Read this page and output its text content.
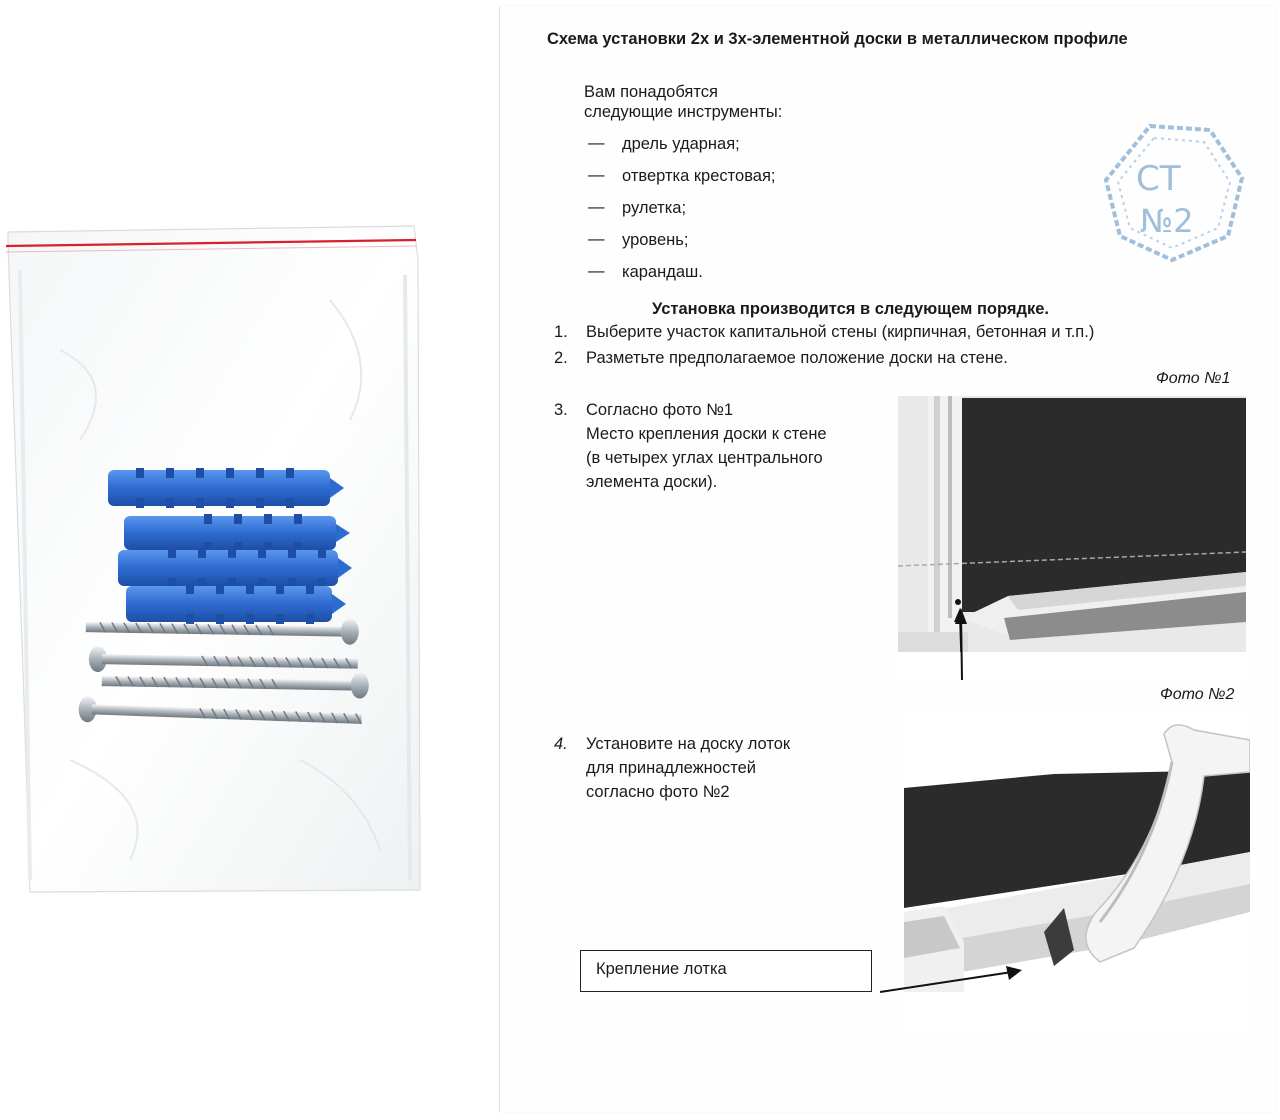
Схема установки 2х и 3х-элементной доски в металлическом профиле
Вам понадобятся
следующие инструменты:
— дрель ударная;
— отвертка крестовая;
— рулетка;
— уровень;
— карандаш.
СТ
№2
Установка производится в следующем порядке.
1. Выберите участок капитальной стены (кирпичная, бетонная и т.п.)
2. Разметьте предполагаемое положение доски на стене.
Фото №1
3. Согласно фото №1
Место крепления доски к стене
(в четырех углах центрального
элемента доски).
Фото №2
4. Установите на доску лоток
для принадлежностей
согласно фото №2
Крепление лотка
